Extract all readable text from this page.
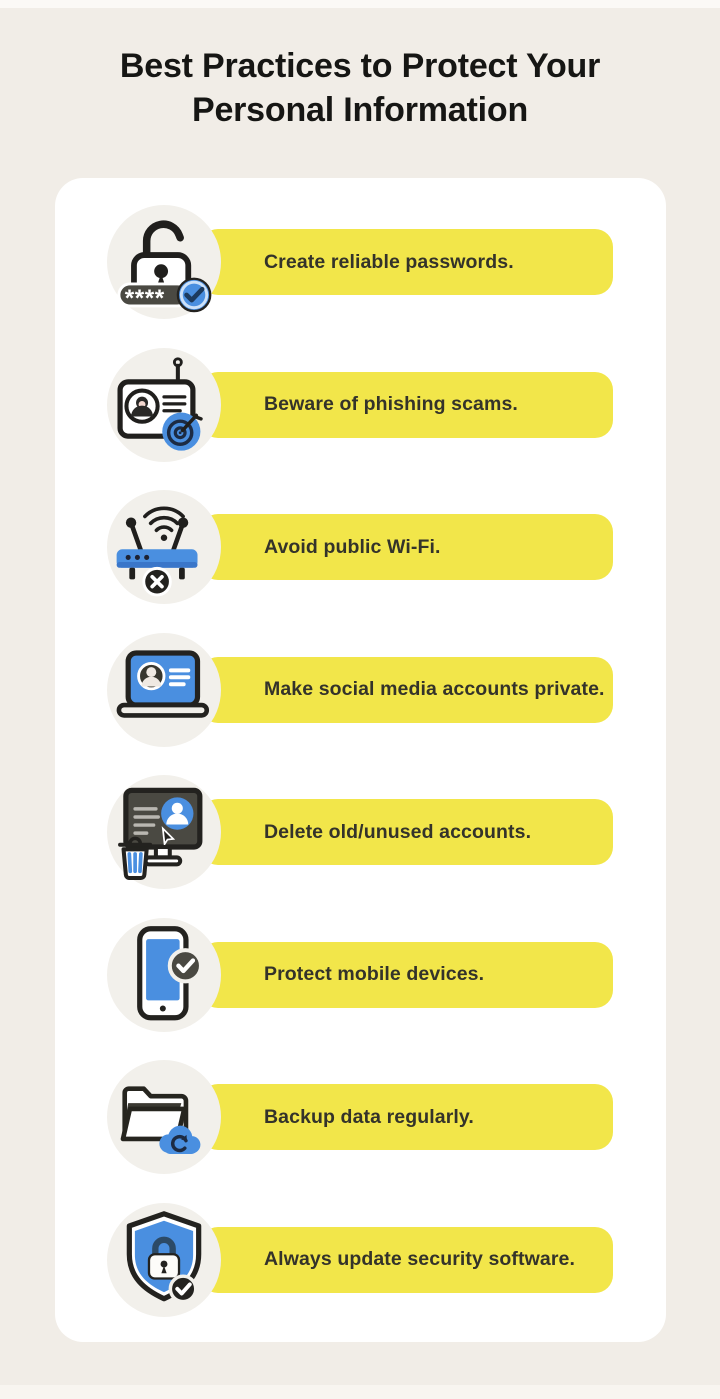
Best Practices to Protect Your
Personal Information
****
Create reliable passwords.
Beware of phishing scams.
Avoid public Wi-Fi.
Make social media accounts private.
Delete old/unused accounts.
Protect mobile devices.
Backup data regularly.
Always update security software.
